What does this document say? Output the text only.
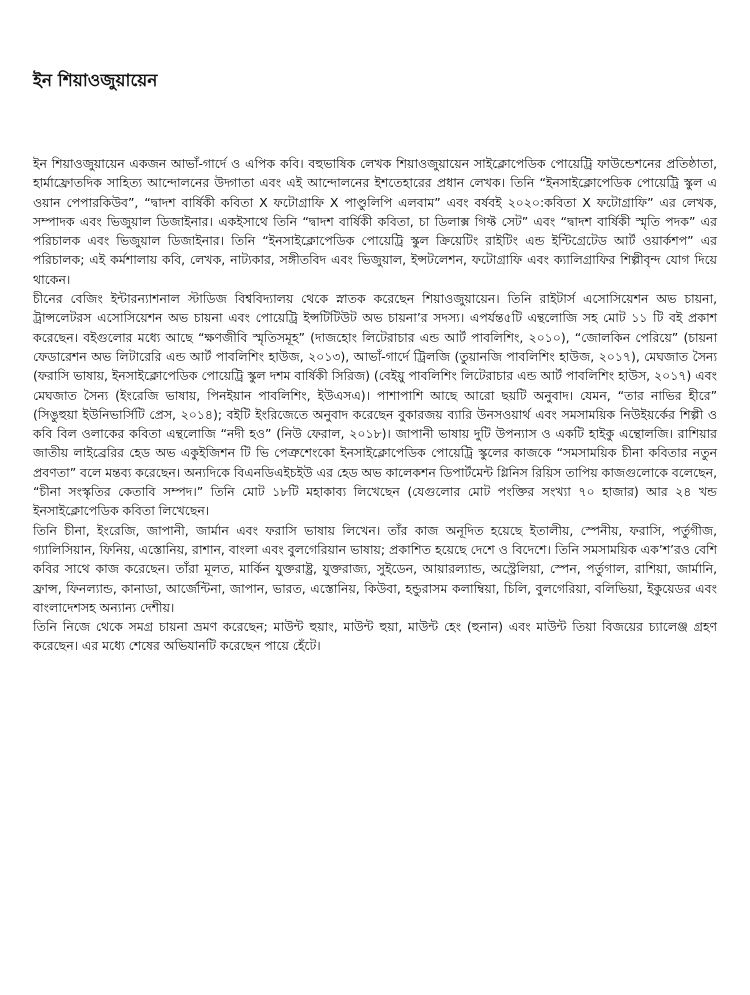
ইন শিয়াওজুয়ায়েন

ইন শিয়াওজুয়ায়েন একজন আভাঁ-গার্দে ও এপিক কবি। বহুভাষিক লেখক শিয়াওজুয়ায়েন সাইক্লোপেডিক পোয়েট্রি ফাউন্ডেশনের প্রতিষ্ঠাতা, হার্মাফ্রোতদিক সাহিত্য আন্দোলনের উদ্গাতা এবং এই আন্দোলনের ইশতেহারের প্রধান লেখক। তিনি “ইনসাইক্লোপেডিক পোয়েট্রি স্কুল এ ওয়ান পেপারকিউব”, “দ্বাদশ বার্ষিকী কবিতা X ফটোগ্রাফি X পাণ্ডুলিপি এলবাম” এবং বর্ষবই ২০২০:কবিতা X ফটোগ্রাফি” এর লেখক, সম্পাদক এবং ভিজুয়াল ডিজাইনার। একইসাথে তিনি “দ্বাদশ বার্ষিকী কবিতা, চা ডিলাক্স গিফ্ট সেট” এবং “দ্বাদশ বার্ষিকী স্মৃতি পদক” এর পরিচালক এবং ভিজুয়াল ডিজাইনার। তিনি “ইনসাইক্লোপেডিক পোয়েট্রি স্কুল ক্রিয়েটিং রাইটিং এন্ড ইন্টিগ্রেটেড আর্ট ওয়ার্কশপ” এর পরিচালক; এই কর্মশালায় কবি, লেখক, নাট্যকার, সঙ্গীতবিদ এবং ভিজুয়াল, ইন্সটলেশন, ফটোগ্রাফি এবং ক্যালিগ্রাফির শিল্পীবৃন্দ যোগ দিয়ে থাকেন।

চীনের বেজিং ইন্টারন্যাশনাল স্টাডিজ বিশ্ববিদ্যালয় থেকে স্নাতক করেছেন শিয়াওজুয়ায়েন। তিনি রাইটার্স এসোসিয়েশন অভ চায়না, ট্রান্সলেটরস এসোসিয়েশন অভ চায়না এবং পোয়েট্রি ইন্সটিটিউট অভ চায়না’র সদস্য। এপর্যন্ত৫টি এন্থলোজি সহ মোট ১১ টি বই প্রকাশ করেছেন। বইগুলোর মধ্যে আছে “ক্ষণজীবি স্মৃতিসমূহ” (দাজহোং লিটেরাচার এন্ড আর্ট পাবলিশিং, ২০১০), “জোলকিন পেরিয়ে” (চায়না ফেডারেশন অভ লিটারেরি এন্ড আর্ট পাবলিশিং হাউজ, ২০১৩), আভাঁ-গার্দে ট্রিলজি (তুয়ানজি পাবলিশিং হাউজ, ২০১৭), মেঘজাত সৈন্য (ফরাসি ভাষায়, ইনসাইক্লোপেডিক পোয়েট্রি স্কুল দশম বার্ষিকী সিরিজ) (বেইয়ু পাবলিশিং লিটেরাচার এন্ড আর্ট পাবলিশিং হাউস, ২০১৭) এবং মেঘজাত সৈন্য (ইংরেজি ভাষায়, পিনইয়ান পাবলিশিং, ইউএসএ)। পাশাপাশি আছে আরো ছয়টি অনুবাদ। যেমন, “তার নাভির হীরে” (সিঙুহুয়া ইউনিভার্সিটি প্রেস, ২০১৪); বইটি ইংরিজেতে অনুবাদ করেছেন বুকারজয় ব্যারি উনসওয়ার্থ এবং সমসাময়িক নিউইয়র্কের শিল্পী ও কবি বিল ওলাকের কবিতা এন্থলোজি “নদী হও” (নিউ ফেরাল, ২০১৮)। জাপানী ভাষায় দুটি উপন্যাস ও একটি হাইকু এন্থোলজি। রাশিয়ার জাতীয় লাইব্রেরির হেড অভ একুইজিশন টি ভি পেত্রুশেংকো ইনসাইক্লোপেডিক পোয়েট্রি স্কুলের কাজকে “সমসাময়িক চীনা কবিতার নতুন প্রবণতা” বলে মন্তব্য করেছেন। অন্যদিকে বিএনডিএইচইউ এর হেড অভ কালেকশন ডিপার্টমেন্ট গ্লিনিস রিয়িস তাপিয় কাজগুলোকে বলেছেন, “চীনা সংস্কৃতির কেতাবি সম্পদ।” তিনি মোট ১৮টি মহাকাব্য লিখেছেন (যেগুলোর মোট পংক্তির সংখ্যা ৭০ হাজার) আর ২৪ খন্ড ইনসাইক্লোপেডিক কবিতা লিখেছেন।

তিনি চীনা, ইংরেজি, জাপানী, জার্মান এবং ফরাসি ভাষায় লিখেন। তাঁর কাজ অনূদিত হয়েছে ইতালীয়, স্পেনীয়, ফরাসি, পর্তুগীজ, গ্যালিসিয়ান, ফিনিয়, এস্তোনিয়, রাশান, বাংলা এবং বুলগেরিয়ান ভাষায়; প্রকাশিত হয়েছে দেশে ও বিদেশে। তিনি সমসাময়িক এক’শ’রও বেশি কবির সাথে কাজ করেছেন। তাঁরা মূলত, মার্কিন যুক্তরাষ্ট্র, যুক্তরাজ্য, সুইডেন, আয়ারল্যান্ড, অস্ট্রেলিয়া, স্পেন, পর্তুগাল, রাশিয়া, জার্মানি, ফ্রান্স, ফিনল্যান্ড, কানাডা, আর্জেন্টিনা, জাপান, ভারত, এস্তোনিয়, কিউবা, হন্ডুরাসম কলাম্বিয়া, চিলি, বুলগেরিয়া, বলিভিয়া, ইকুয়েডর এবং বাংলাদেশসহ অন্যান্য দেশীয়।

তিনি নিজে থেকে সমগ্র চায়না ভ্রমণ করেছেন; মাউন্ট হুয়াং, মাউন্ট হুয়া, মাউন্ট হেং (হুনান) এবং মাউন্ট তিয়া বিজয়ের চ্যালেঞ্জ গ্রহণ করেছেন। এর মধ্যে শেষের অভিযানটি করেছেন পায়ে হেঁটে।
